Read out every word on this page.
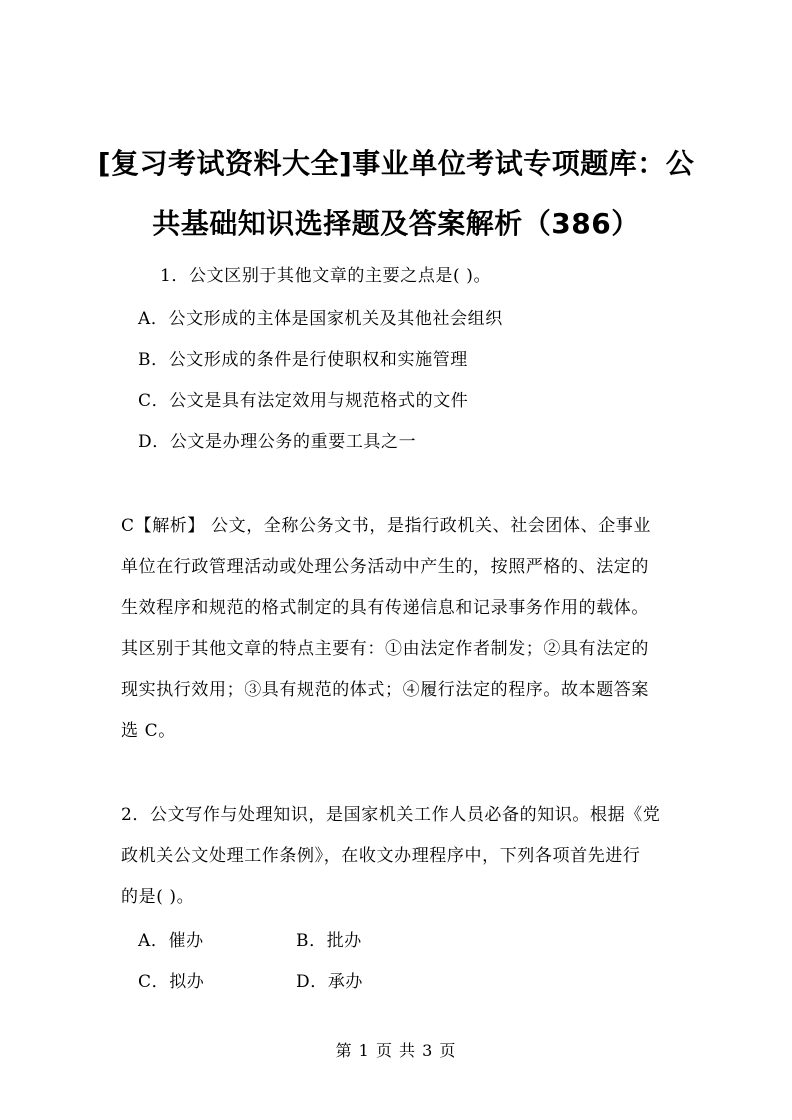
[复习考试资料大全]事业单位考试专项题库：公
共基础知识选择题及答案解析（386）
1．公文区别于其他文章的主要之点是( )。
A．公文形成的主体是国家机关及其他社会组织
B．公文形成的条件是行使职权和实施管理
C．公文是具有法定效用与规范格式的文件
D．公文是办理公务的重要工具之一
C【解析】 公文，全称公务文书，是指行政机关、社会团体、企事业
单位在行政管理活动或处理公务活动中产生的，按照严格的、法定的
生效程序和规范的格式制定的具有传递信息和记录事务作用的载体。
其区别于其他文章的特点主要有：①由法定作者制发；②具有法定的
现实执行效用；③具有规范的体式；④履行法定的程序。故本题答案
选 C。
2．公文写作与处理知识，是国家机关工作人员必备的知识。根据《党
政机关公文处理工作条例》，在收文办理程序中，下列各项首先进行
的是( )。
A．催办	B．批办
C．拟办	D．承办
第 1 页 共 3 页
